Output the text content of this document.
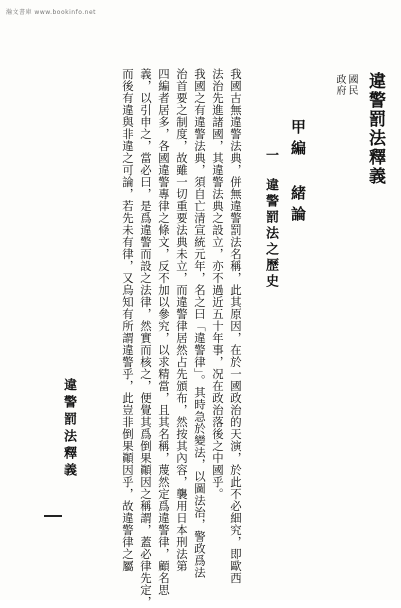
瀚文書庫 www.bookinfo.net
違警罰法釋義
國民
政府
甲編
緒論
一
違警罰法之歷史
我國古無違警法典，併無違警罰法名稱，此其原因，在於一國政治的天演，於此不必細究，即歐西
法治先進諸國，其違警法典之設立，亦不過近五十年事，况在政治落後之中國乎。
我國之有違警法典，須自亡清宣統元年，名之曰「違警律」。其時急於變法，以圖法治，警政爲法
治首要之制度，故雖一切重要法典未立，而違警律居然占先頒布，然按其內容，襲用日本刑法第
四編者居多，各國違警專律之條文，反不加以參究，以求精當，且其名稱，蔑然定爲違警律，顧名思
義，以引申之，當必曰，是爲違警而設之法律，然實而核之，便覺其爲倒果顚因之稱謂，蓋必律先定，
而後有違與非違之可論，若先未有律，又烏知有所謂違警乎，此豈非倒果顚因乎，故違警律之屬
違警罰法釋義
